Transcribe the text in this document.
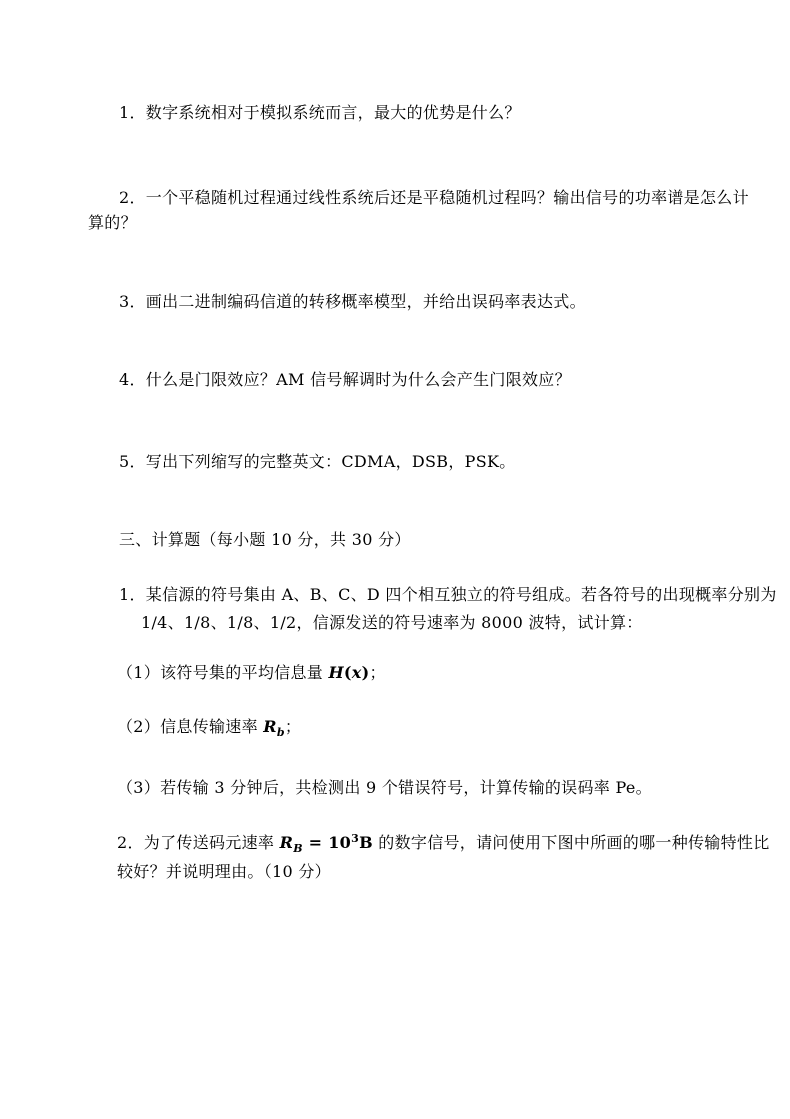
1．数字系统相对于模拟系统而言，最大的优势是什么？
2．一个平稳随机过程通过线性系统后还是平稳随机过程吗？输出信号的功率谱是怎么计
算的？
3．画出二进制编码信道的转移概率模型，并给出误码率表达式。
4．什么是门限效应？AM 信号解调时为什么会产生门限效应？
5．写出下列缩写的完整英文：CDMA，DSB，PSK。
三、计算题（每小题 10 分，共 30 分）
1．某信源的符号集由 A、B、C、D 四个相互独立的符号组成。若各符号的出现概率分别为
1/4、1/8、1/8、1/2，信源发送的符号速率为 8000 波特，试计算：
（1）该符号集的平均信息量 H(x)；
（2）信息传输速率 $R_b$；
（3）若传输 3 分钟后，共检测出 9 个错误符号，计算传输的误码率 Pe。
2．为了传送码元速率 $R_B = 10^3B$ 的数字信号，请问使用下图中所画的哪一种传输特性比
较好？并说明理由。（10 分）
